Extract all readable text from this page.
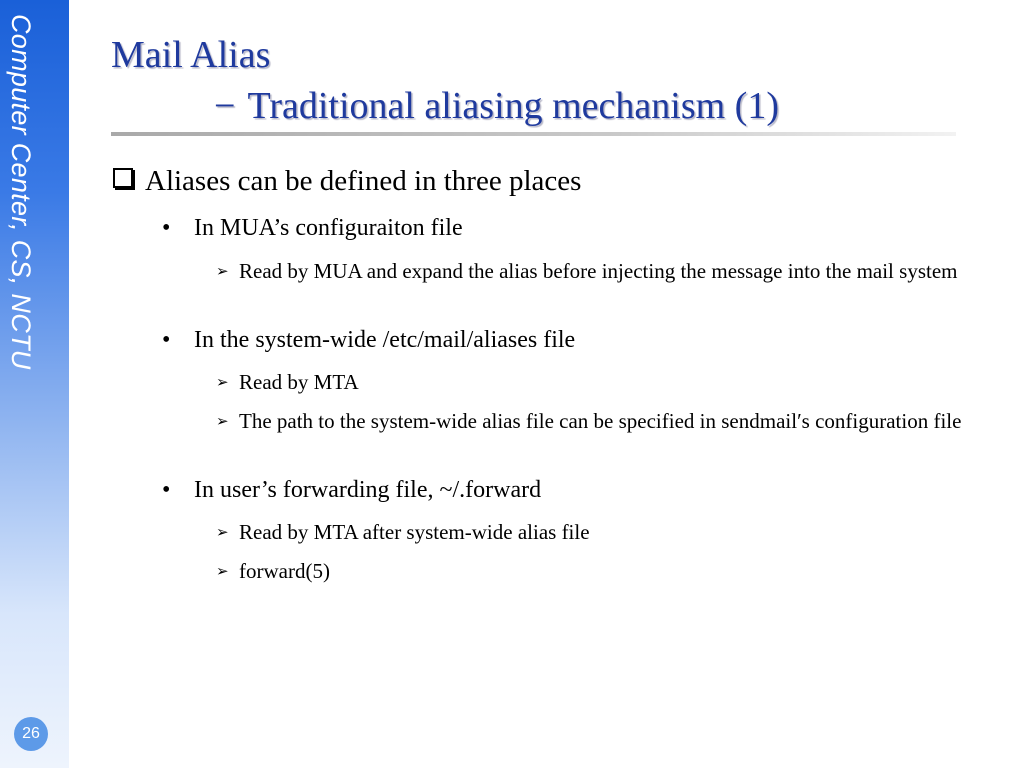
Computer Center, CS, NCTU
26
Mail Alias
− Traditional aliasing mechanism (1)
Aliases can be defined in three places
• In MUA’s configuraiton file
➢ Read by MUA and expand the alias before injecting the message into the mail system
• In the system-wide /etc/mail/aliases file
➢ Read by MTA
➢ The path to the system-wide alias file can be specified in sendmail′s configuration file
• In user’s forwarding file, ~/.forward
➢ Read by MTA after system-wide alias file
➢ forward(5)
